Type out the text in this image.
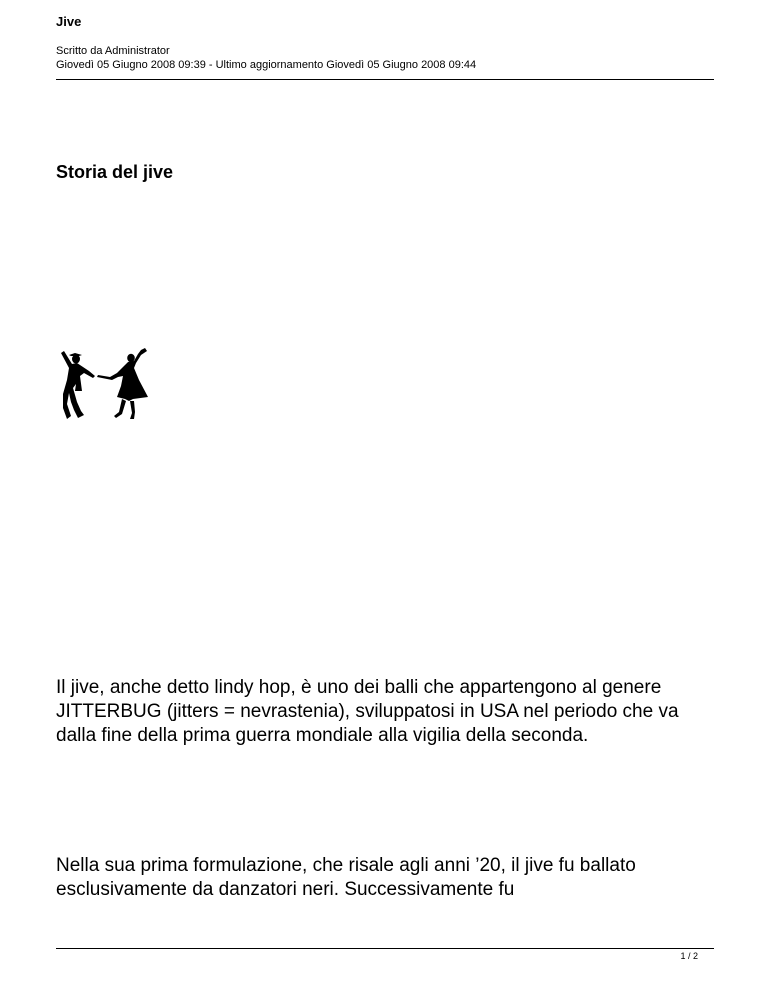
Jive
Scritto da Administrator
Giovedì 05 Giugno 2008 09:39 - Ultimo aggiornamento Giovedì 05 Giugno 2008 09:44
Storia del jive

Il jive, anche detto lindy hop, è uno dei balli che appartengono al genere JITTERBUG (jitters = nevrastenia), sviluppatosi in USA nel periodo che va dalla fine della prima guerra mondiale alla vigilia della seconda.

Nella sua prima formulazione, che risale agli anni ’20, il jive fu ballato esclusivamente da danzatori neri. Successivamente fu

1 / 2
